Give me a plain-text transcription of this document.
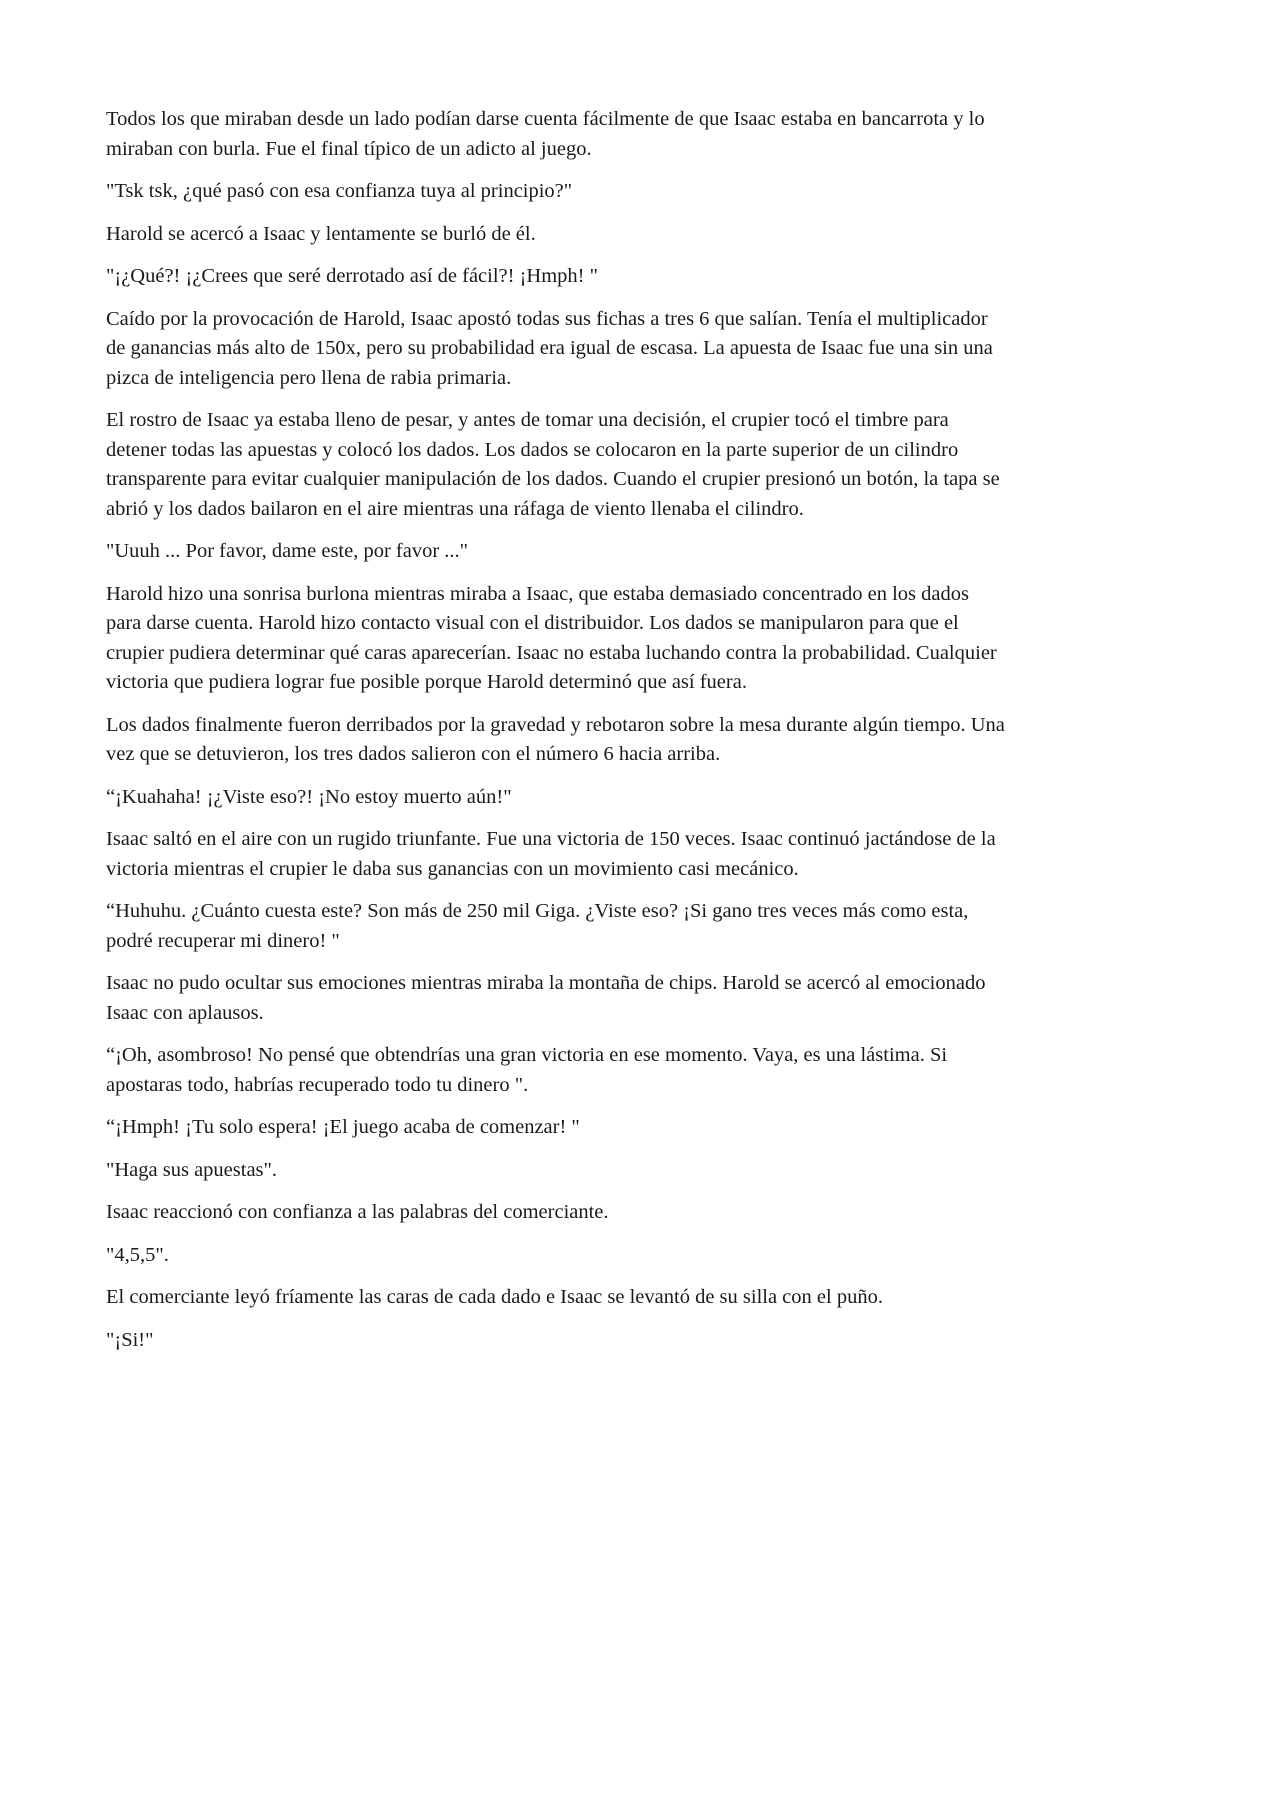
Todos los que miraban desde un lado podían darse cuenta fácilmente de que Isaac estaba en bancarrota y lo miraban con burla. Fue el final típico de un adicto al juego.

"Tsk tsk, ¿qué pasó con esa confianza tuya al principio?"

Harold se acercó a Isaac y lentamente se burló de él.

"¡¿Qué?! ¡¿Crees que seré derrotado así de fácil?! ¡Hmph! "

Caído por la provocación de Harold, Isaac apostó todas sus fichas a tres 6 que salían. Tenía el multiplicador de ganancias más alto de 150x, pero su probabilidad era igual de escasa. La apuesta de Isaac fue una sin una pizca de inteligencia pero llena de rabia primaria.

El rostro de Isaac ya estaba lleno de pesar, y antes de tomar una decisión, el crupier tocó el timbre para detener todas las apuestas y colocó los dados. Los dados se colocaron en la parte superior de un cilindro transparente para evitar cualquier manipulación de los dados. Cuando el crupier presionó un botón, la tapa se abrió y los dados bailaron en el aire mientras una ráfaga de viento llenaba el cilindro.

"Uuuh ... Por favor, dame este, por favor ..."

Harold hizo una sonrisa burlona mientras miraba a Isaac, que estaba demasiado concentrado en los dados para darse cuenta. Harold hizo contacto visual con el distribuidor. Los dados se manipularon para que el crupier pudiera determinar qué caras aparecerían. Isaac no estaba luchando contra la probabilidad. Cualquier victoria que pudiera lograr fue posible porque Harold determinó que así fuera.

Los dados finalmente fueron derribados por la gravedad y rebotaron sobre la mesa durante algún tiempo. Una vez que se detuvieron, los tres dados salieron con el número 6 hacia arriba.

“¡Kuahaha! ¡¿Viste eso?! ¡No estoy muerto aún!"

Isaac saltó en el aire con un rugido triunfante. Fue una victoria de 150 veces. Isaac continuó jactándose de la victoria mientras el crupier le daba sus ganancias con un movimiento casi mecánico.

“Huhuhu. ¿Cuánto cuesta este? Son más de 250 mil Giga. ¿Viste eso? ¡Si gano tres veces más como esta, podré recuperar mi dinero! "

Isaac no pudo ocultar sus emociones mientras miraba la montaña de chips. Harold se acercó al emocionado Isaac con aplausos.

“¡Oh, asombroso! No pensé que obtendrías una gran victoria en ese momento. Vaya, es una lástima. Si apostaras todo, habrías recuperado todo tu dinero ".

“¡Hmph! ¡Tu solo espera! ¡El juego acaba de comenzar! "

"Haga sus apuestas".

Isaac reaccionó con confianza a las palabras del comerciante.

"4,5,5".

El comerciante leyó fríamente las caras de cada dado e Isaac se levantó de su silla con el puño.

"¡Si!"
